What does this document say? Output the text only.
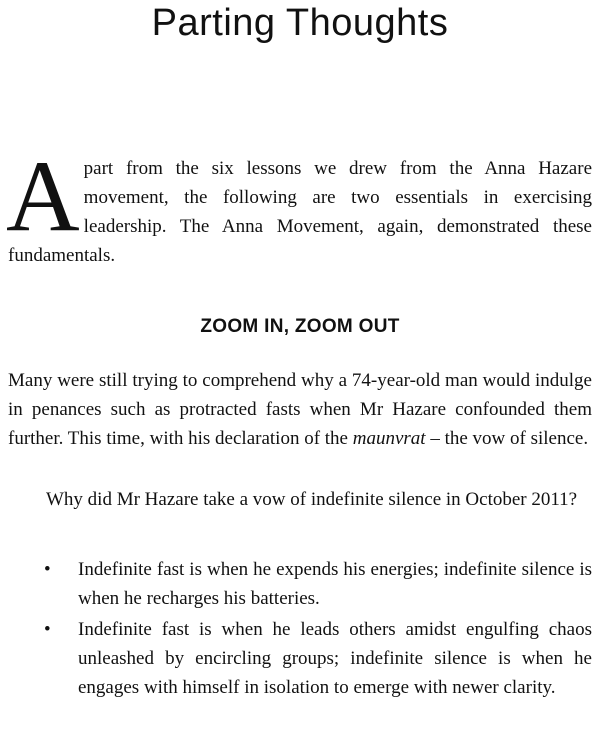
Parting Thoughts

Apart from the six lessons we drew from the Anna Hazare movement, the following are two essentials in exercising leadership. The Anna Movement, again, demonstrated these fundamentals.

ZOOM IN, ZOOM OUT

Many were still trying to comprehend why a 74-year-old man would indulge in penances such as protracted fasts when Mr Hazare confounded them further. This time, with his declaration of the maunvrat – the vow of silence.

Why did Mr Hazare take a vow of indefinite silence in October 2011?

• Indefinite fast is when he expends his energies; indefinite silence is when he recharges his batteries.
• Indefinite fast is when he leads others amidst engulfing chaos unleashed by encircling groups; indefinite silence is when he engages with himself in isolation to emerge with newer clarity.
